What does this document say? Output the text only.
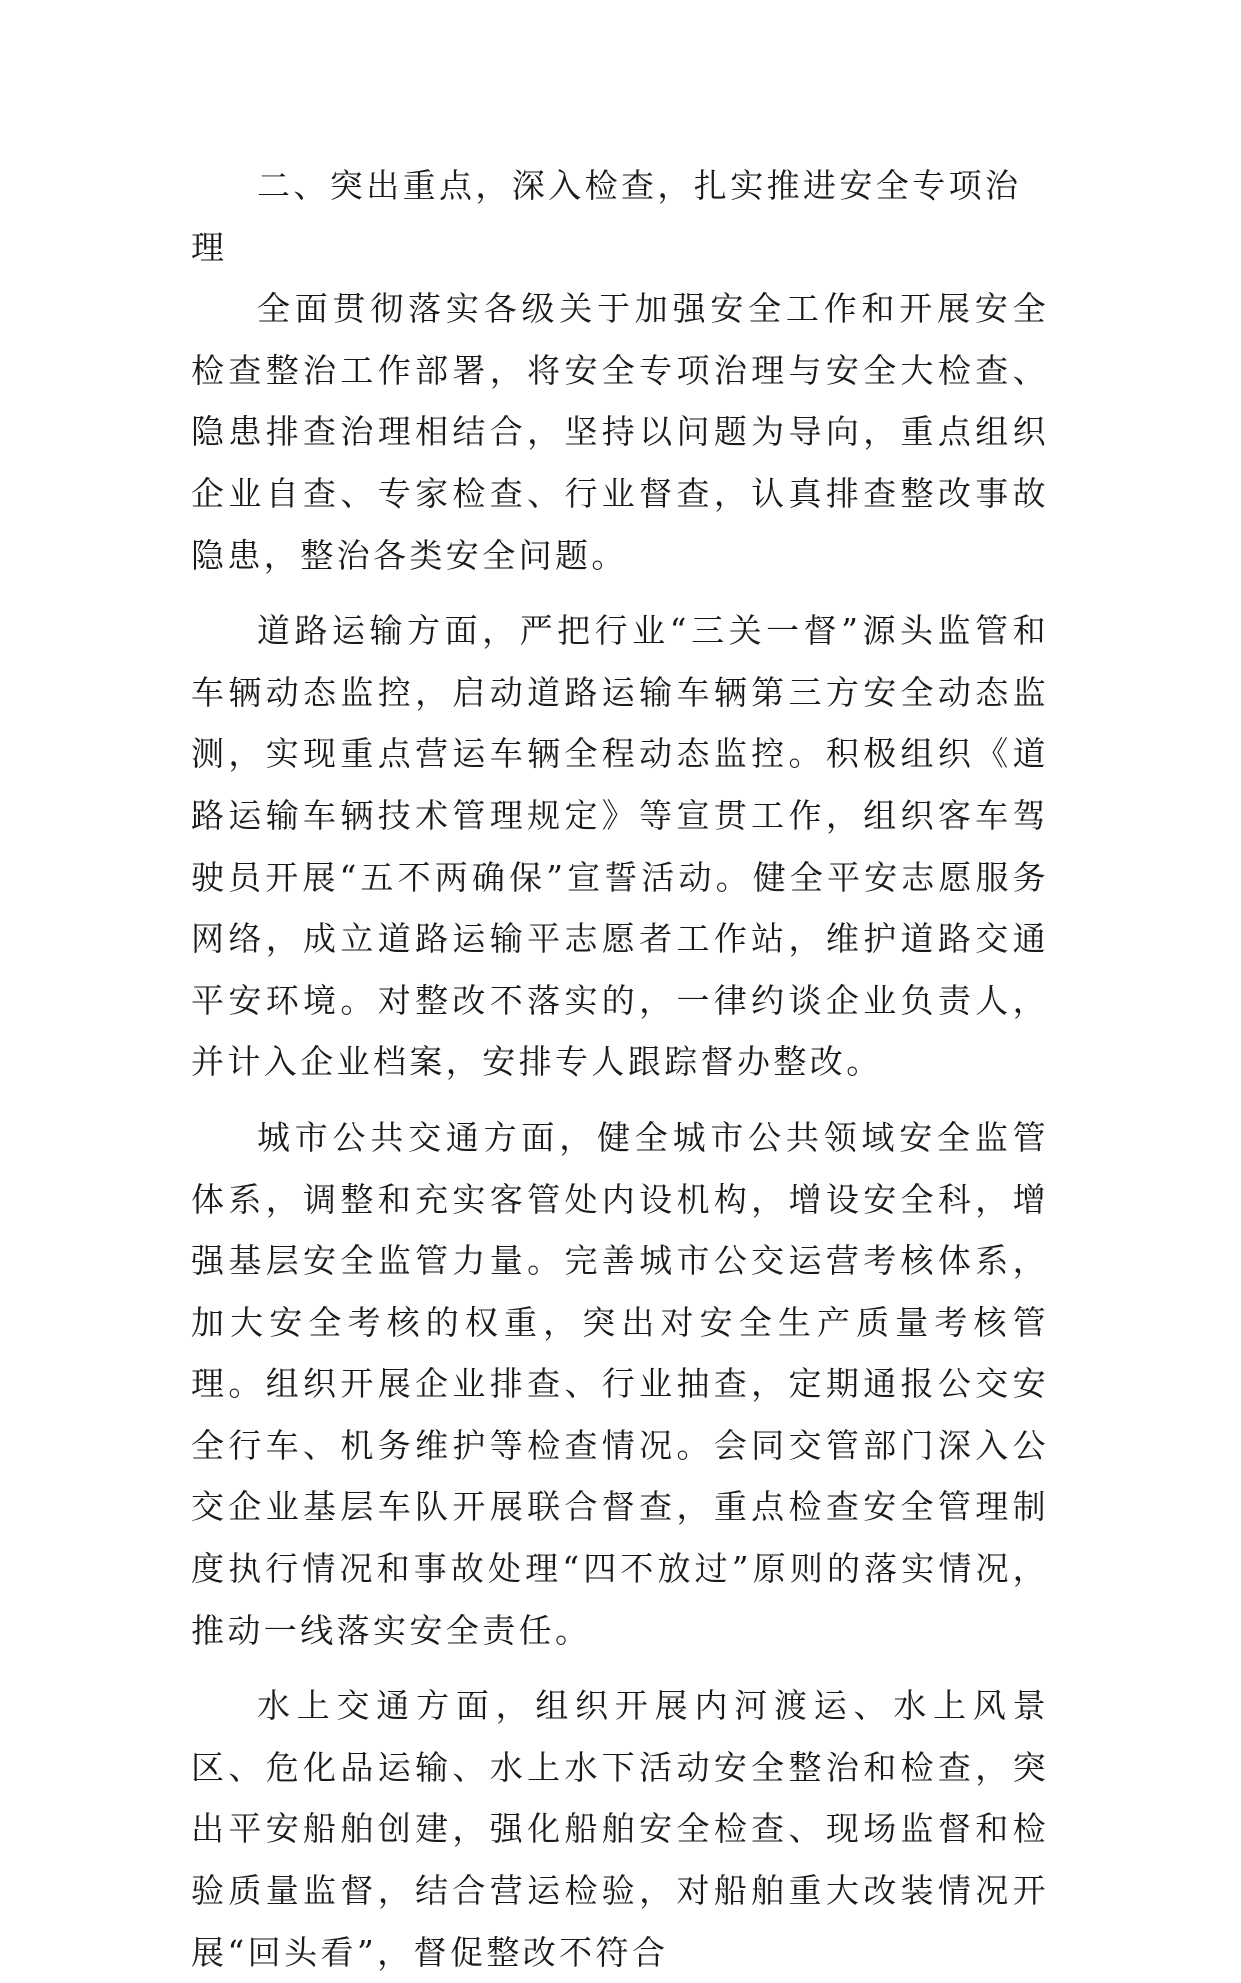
二、突出重点，深入检查，扎实推进安全专项治理

全面贯彻落实各级关于加强安全工作和开展安全检查整治工作部署，将安全专项治理与安全大检查、隐患排查治理相结合，坚持以问题为导向，重点组织企业自查、专家检查、行业督查，认真排查整改事故隐患，整治各类安全问题。

道路运输方面，严把行业“三关一督”源头监管和车辆动态监控，启动道路运输车辆第三方安全动态监测，实现重点营运车辆全程动态监控。积极组织《道路运输车辆技术管理规定》等宣贯工作，组织客车驾驶员开展“五不两确保”宣誓活动。健全平安志愿服务网络，成立道路运输平志愿者工作站，维护道路交通平安环境。对整改不落实的，一律约谈企业负责人，并计入企业档案，安排专人跟踪督办整改。

城市公共交通方面，健全城市公共领域安全监管体系，调整和充实客管处内设机构，增设安全科，增强基层安全监管力量。完善城市公交运营考核体系，加大安全考核的权重，突出对安全生产质量考核管理。组织开展企业排查、行业抽查，定期通报公交安全行车、机务维护等检查情况。会同交管部门深入公交企业基层车队开展联合督查，重点检查安全管理制度执行情况和事故处理“四不放过”原则的落实情况，推动一线落实安全责任。

水上交通方面，组织开展内河渡运、水上风景区、危化品运输、水上水下活动安全整治和检查，突出平安船舶创建，强化船舶安全检查、现场监督和检验质量监督，结合营运检验，对船舶重大改装情况开展“回头看”，督促整改不符合
